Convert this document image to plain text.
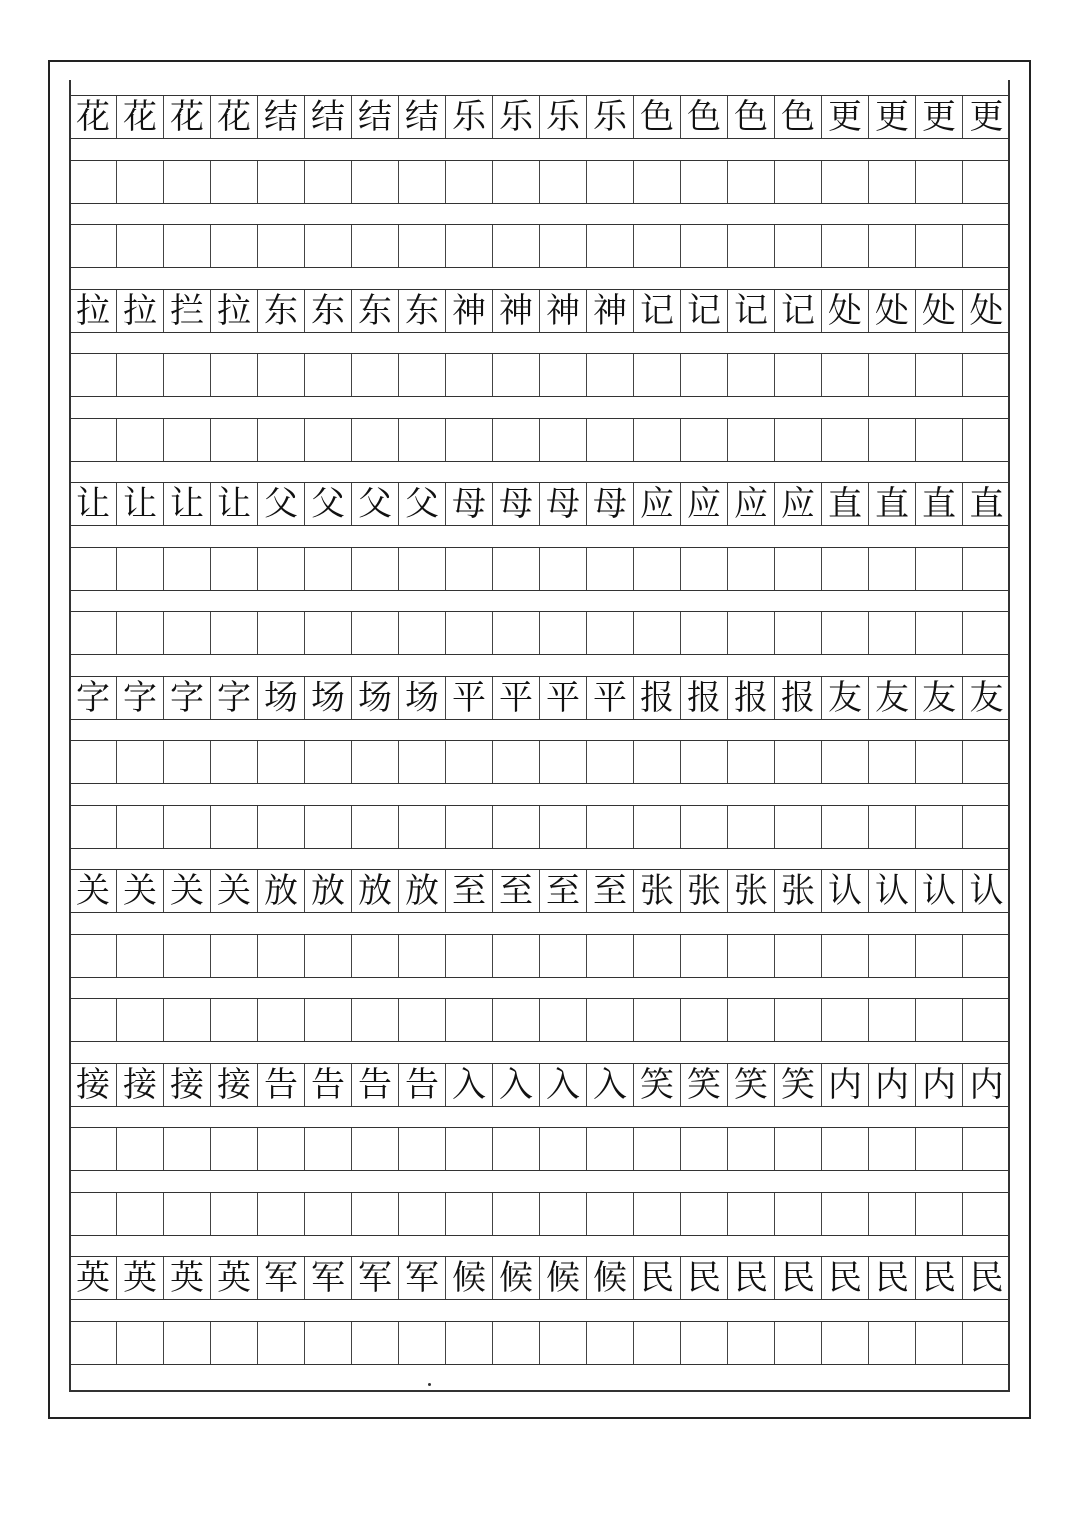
花 花 花 花 结 结 结 结 乐 乐 乐 乐 色 色 色 色 更 更 更 更
拉 拉 拦 拉 东 东 东 东 神 神 神 神 记 记 记 记 处 处 处 处
让 让 让 让 父 父 父 父 母 母 母 母 应 应 应 应 直 直 直 直
字 字 字 字 场 场 场 场 平 平 平 平 报 报 报 报 友 友 友 友
关 关 关 关 放 放 放 放 至 至 至 至 张 张 张 张 认 认 认 认
接 接 接 接 告 告 告 告 入 入 入 入 笑 笑 笑 笑 内 内 内 内
英 英 英 英 军 军 军 军 候 候 候 候 民 民 民 民 民 民 民 民
